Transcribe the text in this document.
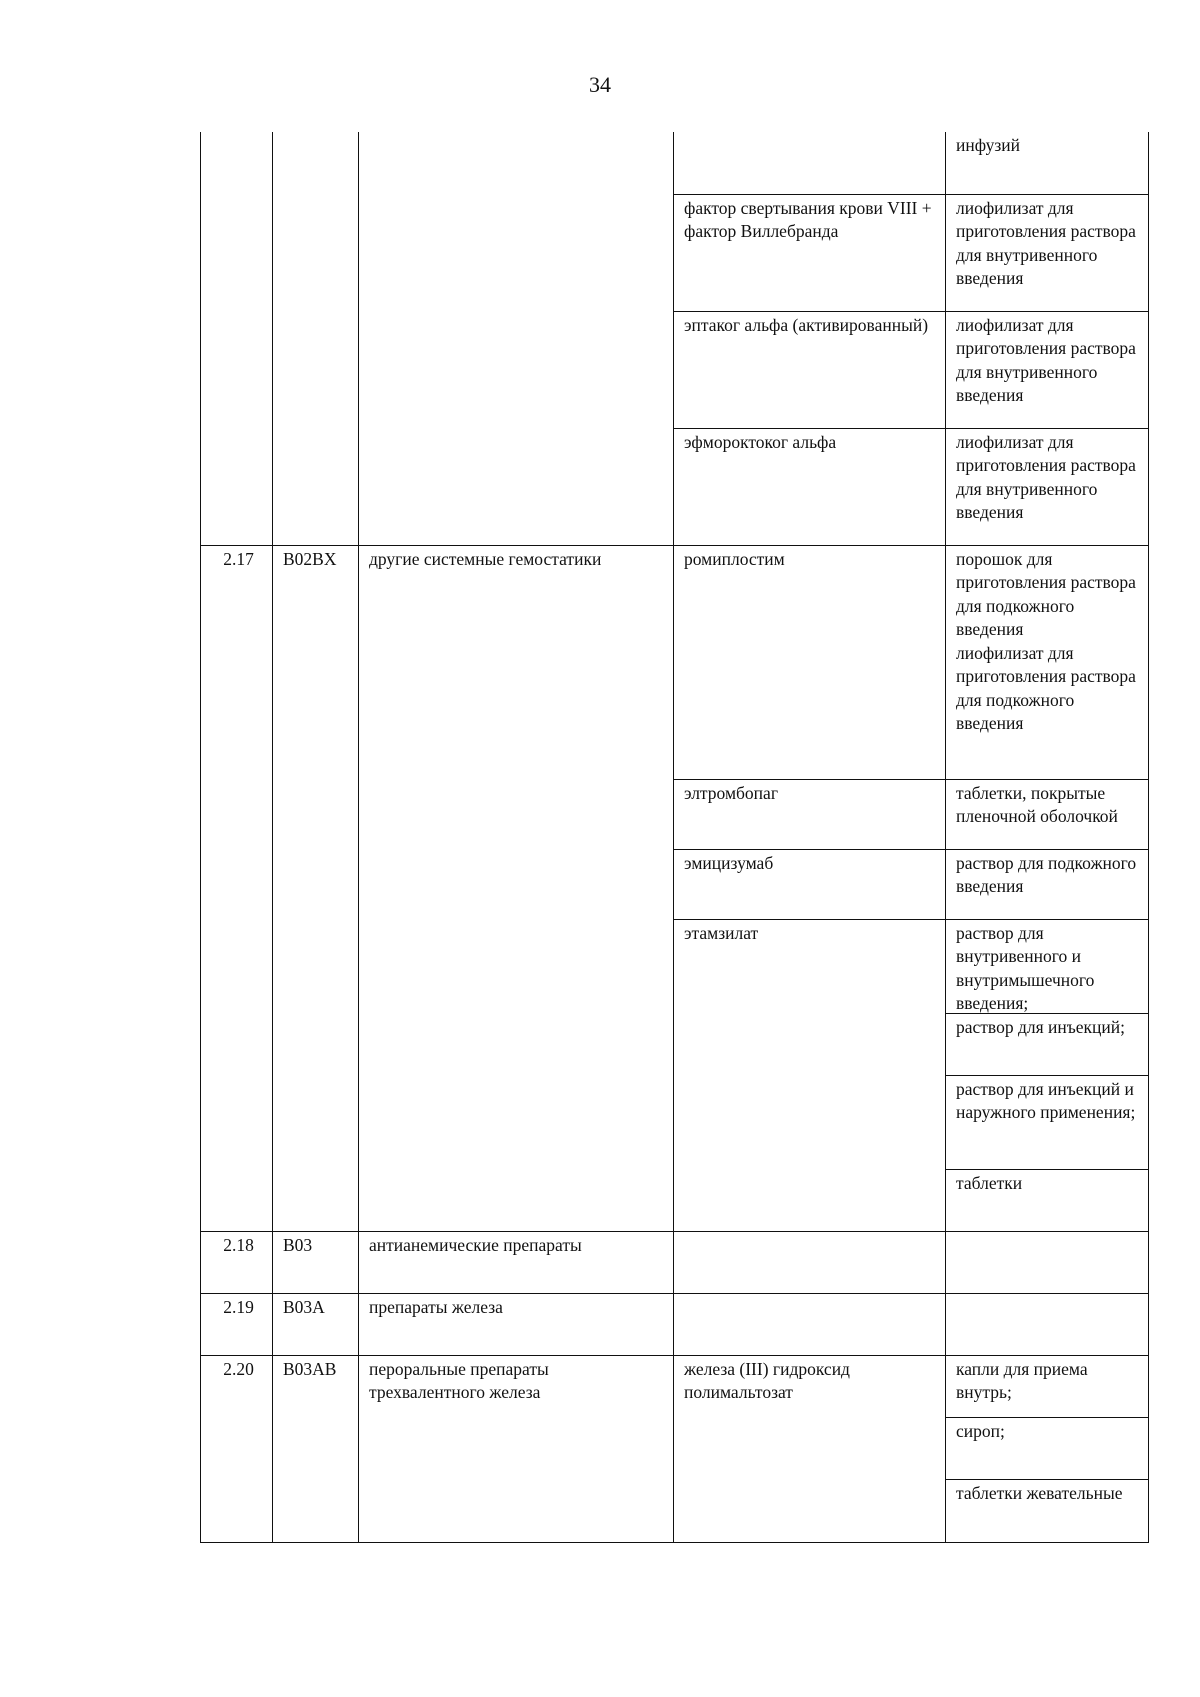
34

				инфузий

			фактор свертывания крови VIII + фактор Виллебранда	лиофилизат для приготовления раствора для внутривенного введения

			эптаког альфа (активированный)	лиофилизат для приготовления раствора для внутривенного введения

			эфмороктоког альфа	лиофилизат для приготовления раствора для внутривенного введения

2.17	B02BX	другие системные гемостатики	ромиплостим	порошок для приготовления раствора для подкожного введения
лиофилизат для приготовления раствора для подкожного введения

			элтромбопаг	таблетки, покрытые пленочной оболочкой

			эмицизумаб	раствор для подкожного введения

			этамзилат	раствор для внутривенного и внутримышечного введения;
раствор для инъекций;
раствор для инъекций и наружного применения;
таблетки

2.18	B03	антианемические препараты		
2.19	B03A	препараты железа		
2.20	B03AB	пероральные препараты трехвалентного железа	железа (III) гидроксид полимальтозат	капли для приема внутрь;
сироп;
таблетки жевательные
